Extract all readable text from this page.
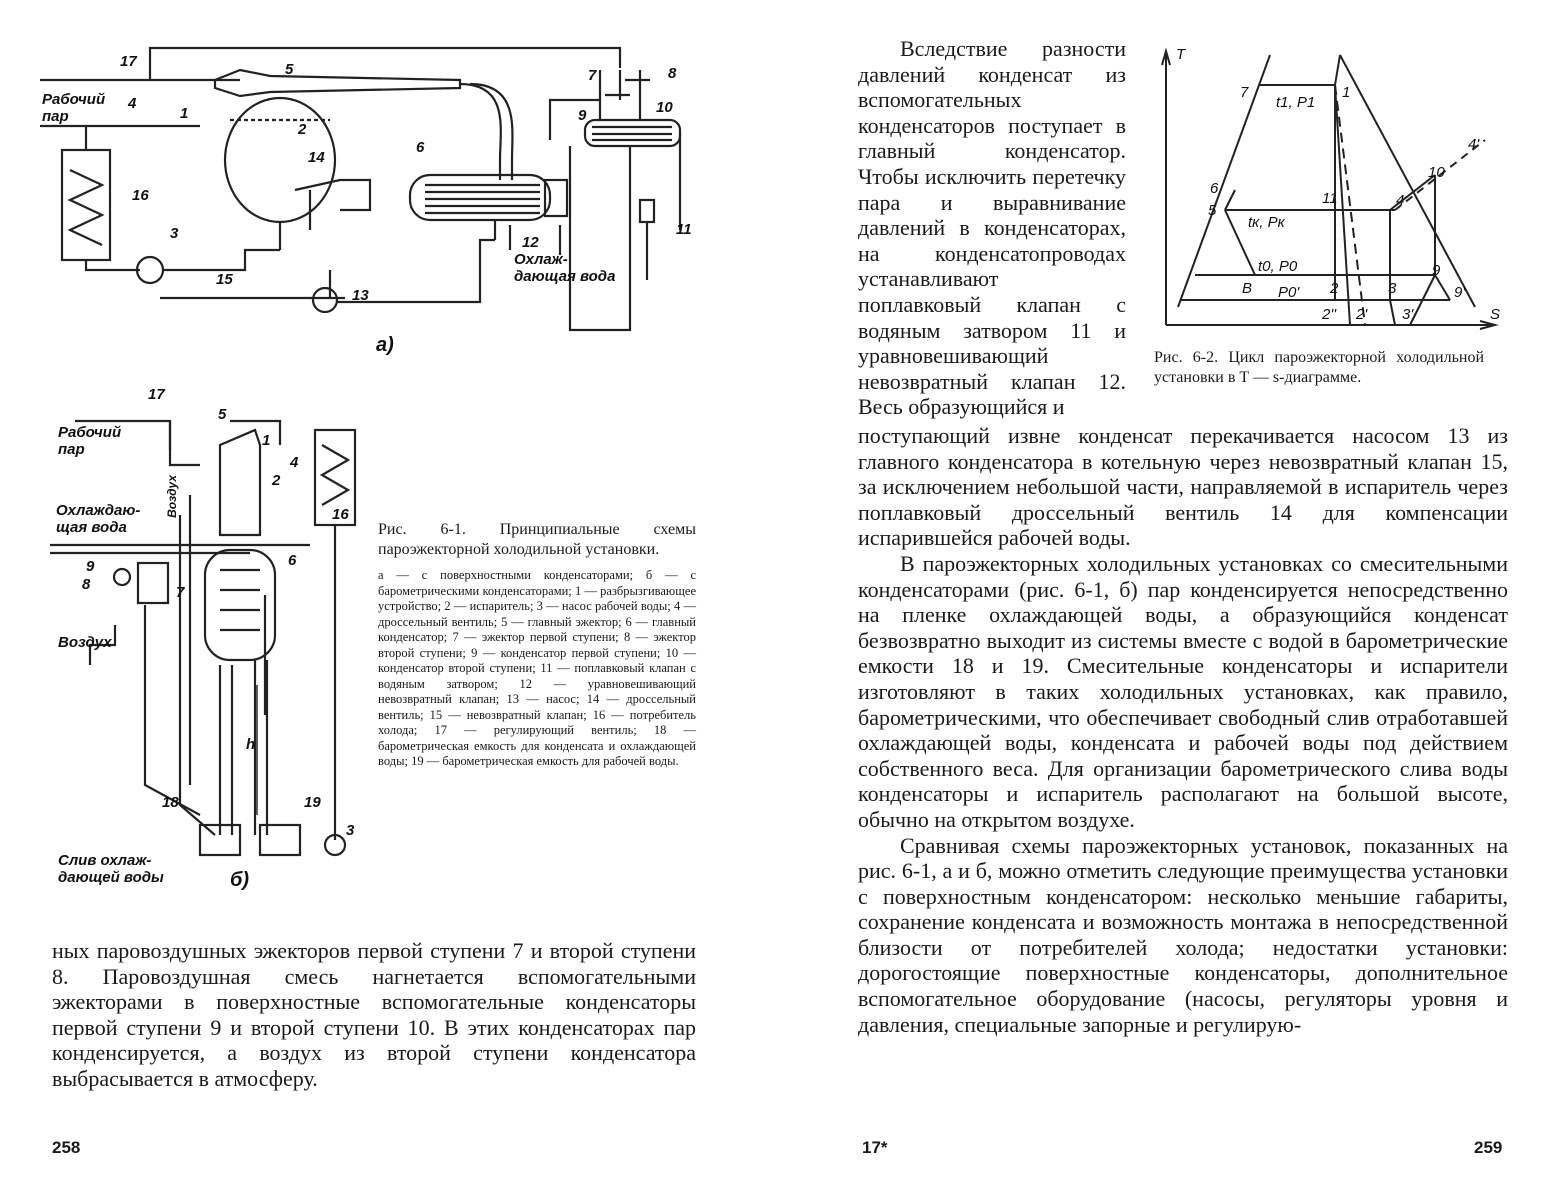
17
Рабочий пар
4
1
5
2
14
16
3
15
13
6
12
Охлаж- дающая вода
7	8
9	10
11
а)
17
Рабочий пар
5
1
4
2
16
Воздух
Охлаждаю- щая вода
9
8	7
6
Воздух
h
18	19
3
Слив охлаж- дающей воды	б)

Рис. 6-1. Принципиальные схемы пароэжекторной холодильной установки.

а — с поверхностными конденсаторами; б — с барометрическими конденсаторами; 1 — разбрызгивающее устройство; 2 — испаритель; 3 — насос рабочей воды; 4 — дроссельный вентиль; 5 — главный эжектор; 6 — главный конденсатор; 7 — эжектор первой ступени; 8 — эжектор второй ступени; 9 — конденсатор первой ступени; 10 — конденсатор второй ступени; 11 — поплавковый клапан с водяным затвором; 12 — уравновешивающий невозвратный клапан; 13 — насос; 14 — дроссельный вентиль; 15 — невозвратный клапан; 16 — потребитель холода; 17 — регулирующий вентиль; 18 — барометрическая емкость для конденсата и охлаждающей воды; 19 — барометрическая емкость для рабочей воды.

ных паровоздушных эжекторов первой ступени 7 и второй ступени 8. Паровоздушная смесь нагнетается вспомогательными эжекторами в поверхностные вспомогательные конденсаторы первой ступени 9 и второй ступени 10. В этих конденсаторах пар конденсируется, а воздух из второй ступени конденсатора выбрасывается в атмосферу.

258

Вследствие разности давлений конденсат из вспомогательных конденсаторов поступает в главный конденсатор. Чтобы исключить перетечку пара и выравнивание давлений в конденсаторах, на конденсатопроводах устанавливают поплавковый клапан с водяным затвором 11 и уравновешивающий невозвратный клапан 12. Весь образующийся и

T
S
7	1
t1, P1
6
5
11	4
10
4'
tк, Pк
t0, P0	9
B P0' 2	3	9'
2'' 2' 3'

Рис. 6-2. Цикл пароэжекторной холодильной установки в T — s-диаграмме.

поступающий извне конденсат перекачивается насосом 13 из главного конденсатора в котельную через невозвратный клапан 15, за исключением небольшой части, направляемой в испаритель через поплавковый дроссельный вентиль 14 для компенсации испарившейся рабочей воды.

В пароэжекторных холодильных установках со смесительными конденсаторами (рис. 6-1, б) пар конденсируется непосредственно на пленке охлаждающей воды, а образующийся конденсат безвозвратно выходит из системы вместе с водой в барометрические емкости 18 и 19. Смесительные конденсаторы и испарители изготовляют в таких холодильных установках, как правило, барометрическими, что обеспечивает свободный слив отработавшей охлаждающей воды, конденсата и рабочей воды под действием собственного веса. Для организации барометрического слива воды конденсаторы и испаритель располагают на большой высоте, обычно на открытом воздухе.

Сравнивая схемы пароэжекторных установок, показанных на рис. 6-1, а и б, можно отметить следующие преимущества установки с поверхностным конденсатором: несколько меньшие габариты, сохранение конденсата и возможность монтажа в непосредственной близости от потребителей холода; недостатки установки: дорогостоящие поверхностные конденсаторы, дополнительное вспомогательное оборудование (насосы, регуляторы уровня и давления, специальные запорные и регулирую-

17*	259
